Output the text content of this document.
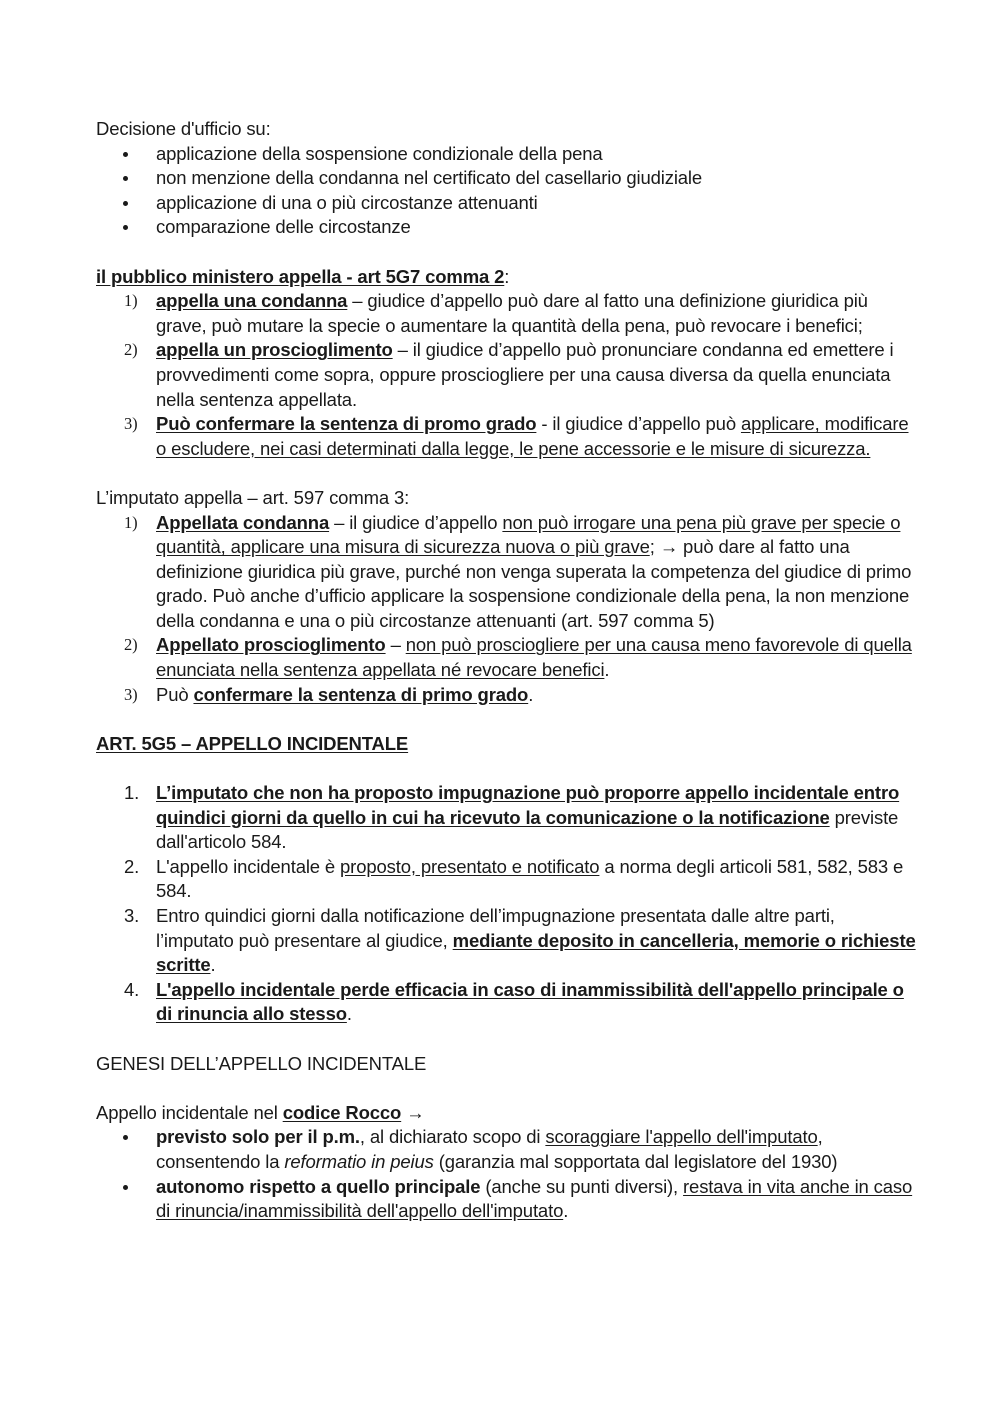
Decisione d'ufficio su:

applicazione della sospensione condizionale della pena
non menzione della condanna nel certificato del casellario giudiziale
applicazione di una o più circostanze attenuanti
comparazione delle circostanze

il pubblico ministero appella - art 5G7 comma 2:

1) appella una condanna – giudice d’appello può dare al fatto una definizione giuridica più grave, può mutare la specie o aumentare la quantità della pena, può revocare i benefici;
2) appella un proscioglimento – il giudice d’appello può pronunciare condanna ed emettere i provvedimenti come sopra, oppure prosciogliere per una causa diversa da quella enunciata nella sentenza appellata.
3) Può confermare la sentenza di promo grado - il giudice d’appello può applicare, modificare o escludere, nei casi determinati dalla legge, le pene accessorie e le misure di sicurezza.

L’imputato appella – art. 597 comma 3:

1) Appellata condanna – il giudice d’appello non può irrogare una pena più grave per specie o quantità, applicare una misura di sicurezza nuova o più grave; → può dare al fatto una definizione giuridica più grave, purché non venga superata la competenza del giudice di primo grado. Può anche d’ufficio applicare la sospensione condizionale della pena, la non menzione della condanna e una o più circostanze attenuanti (art. 597 comma 5)
2) Appellato proscioglimento – non può prosciogliere per una causa meno favorevole di quella enunciata nella sentenza appellata né revocare benefici.
3) Può confermare la sentenza di primo grado.

ART. 5G5 – APPELLO INCIDENTALE

1. L’imputato che non ha proposto impugnazione può proporre appello incidentale entro quindici giorni da quello in cui ha ricevuto la comunicazione o la notificazione previste dall'articolo 584.
2. L'appello incidentale è proposto, presentato e notificato a norma degli articoli 581, 582, 583 e 584.
3. Entro quindici giorni dalla notificazione dell’impugnazione presentata dalle altre parti, l’imputato può presentare al giudice, mediante deposito in cancelleria, memorie o richieste scritte.
4. L'appello incidentale perde efficacia in caso di inammissibilità dell'appello principale o di rinuncia allo stesso.

GENESI DELL’APPELLO INCIDENTALE

Appello incidentale nel codice Rocco →

previsto solo per il p.m., al dichiarato scopo di scoraggiare l'appello dell'imputato, consentendo la reformatio in peius (garanzia mal sopportata dal legislatore del 1930)
autonomo rispetto a quello principale (anche su punti diversi), restava in vita anche in caso di rinuncia/inammissibilità dell'appello dell'imputato.
